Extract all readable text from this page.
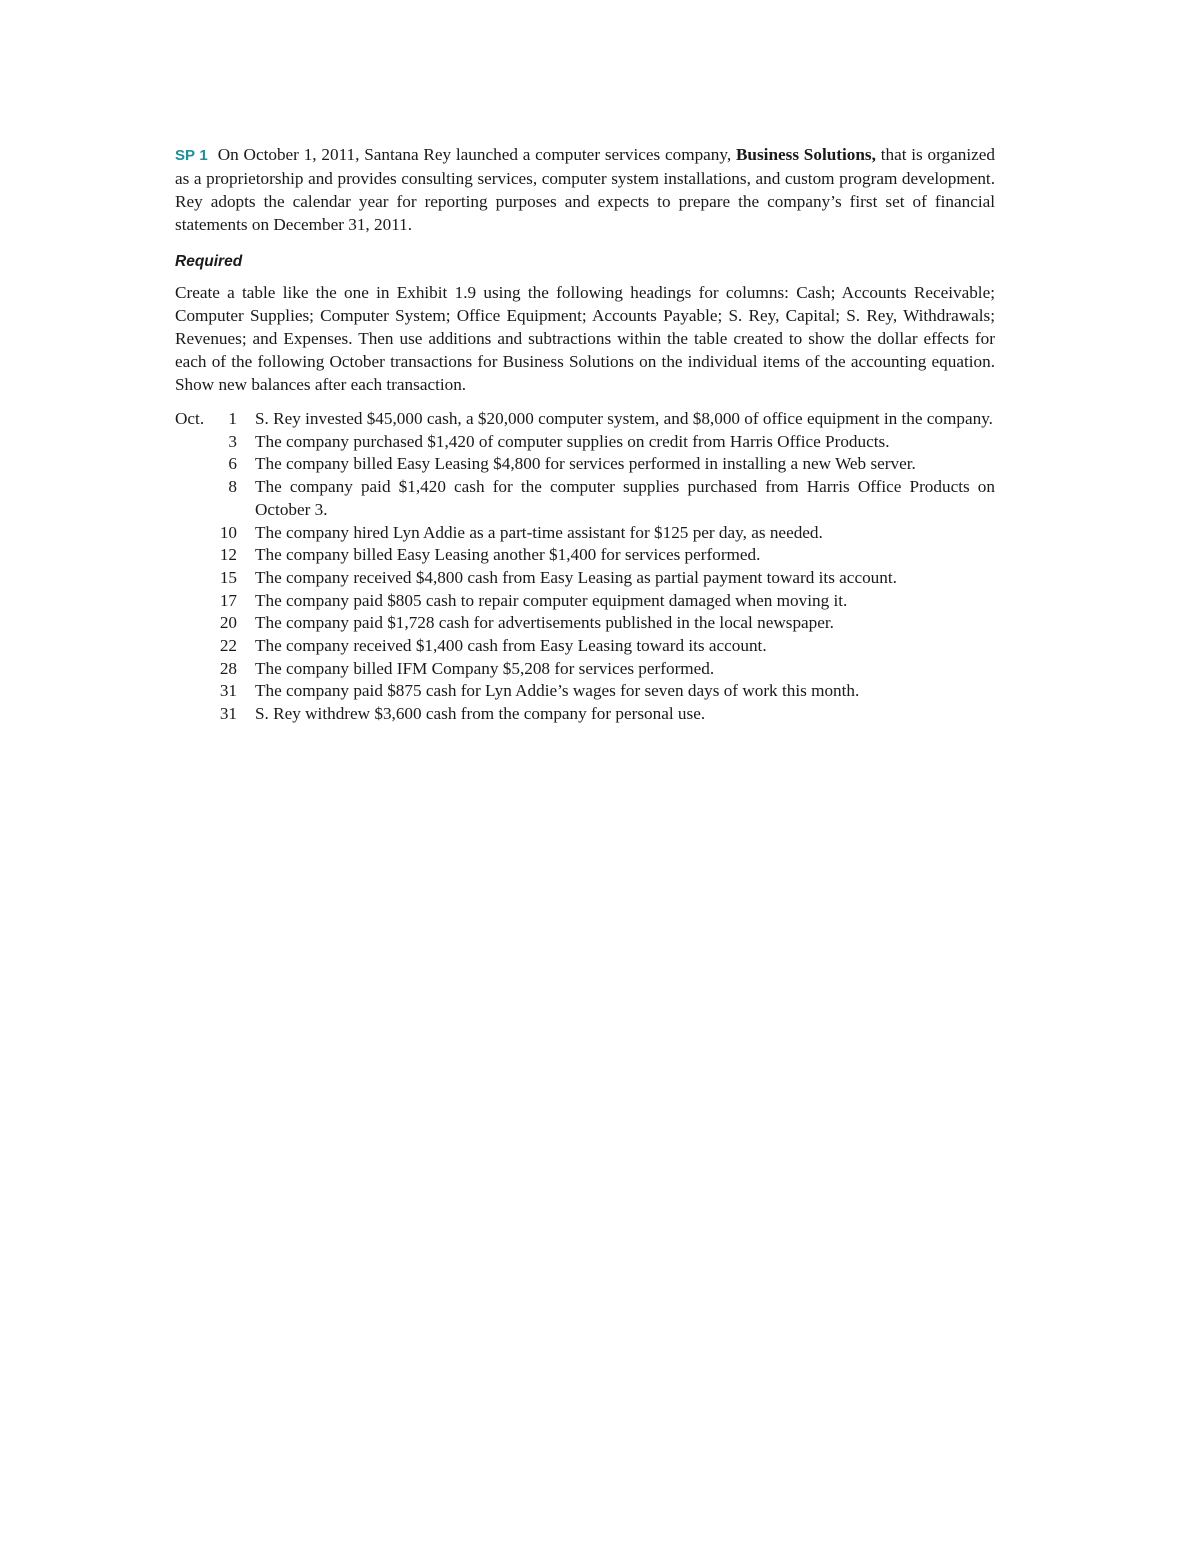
SP 1 On October 1, 2011, Santana Rey launched a computer services company, Business Solutions, that is organized as a proprietorship and provides consulting services, computer system installations, and custom program development. Rey adopts the calendar year for reporting purposes and expects to prepare the company’s first set of financial statements on December 31, 2011.

Required

Create a table like the one in Exhibit 1.9 using the following headings for columns: Cash; Accounts Receivable; Computer Supplies; Computer System; Office Equipment; Accounts Payable; S. Rey, Capital; S. Rey, Withdrawals; Revenues; and Expenses. Then use additions and subtractions within the table created to show the dollar effects for each of the following October transactions for Business Solutions on the individual items of the accounting equation. Show new balances after each transaction.

Oct.	1	S. Rey invested $45,000 cash, a $20,000 computer system, and $8,000 of office equipment in the company.
3	The company purchased $1,420 of computer supplies on credit from Harris Office Products.
6	The company billed Easy Leasing $4,800 for services performed in installing a new Web server.
8	The company paid $1,420 cash for the computer supplies purchased from Harris Office Products on October 3.
10	The company hired Lyn Addie as a part-time assistant for $125 per day, as needed.
12	The company billed Easy Leasing another $1,400 for services performed.
15	The company received $4,800 cash from Easy Leasing as partial payment toward its account.
17	The company paid $805 cash to repair computer equipment damaged when moving it.
20	The company paid $1,728 cash for advertisements published in the local newspaper.
22	The company received $1,400 cash from Easy Leasing toward its account.
28	The company billed IFM Company $5,208 for services performed.
31	The company paid $875 cash for Lyn Addie’s wages for seven days of work this month.
31	S. Rey withdrew $3,600 cash from the company for personal use.
